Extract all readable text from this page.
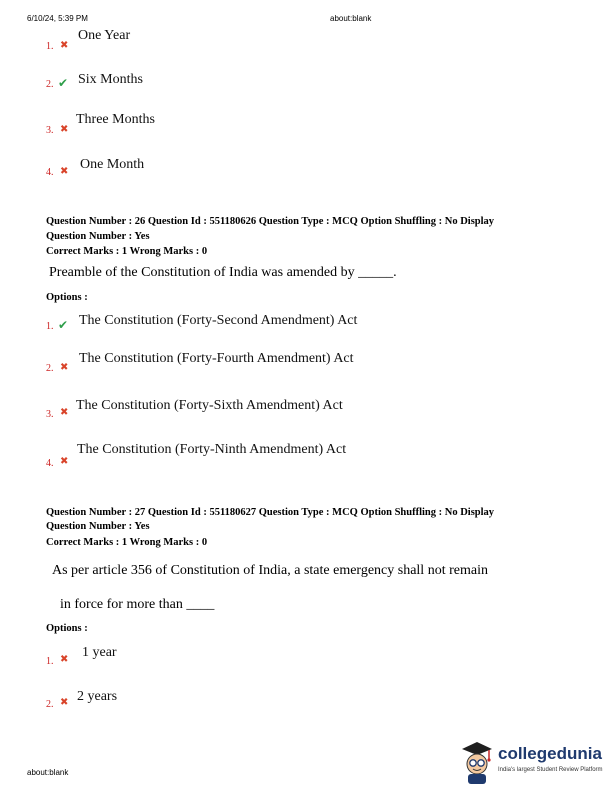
6/10/24, 5:39 PM	about:blank
1. ✖
One Year
2. ✔ Six Months
3. ✖
Three Months
4. ✖ One Month
Question Number : 26 Question Id : 551180626 Question Type : MCQ Option Shuffling : No Display
Question Number : Yes
Correct Marks : 1 Wrong Marks : 0
Preamble of the Constitution of India was amended by _____.
Options :
1. ✔ The Constitution (Forty-Second Amendment) Act
2. ✖
The Constitution (Forty-Fourth Amendment) Act
3. ✖ The Constitution (Forty-Sixth Amendment) Act
4. ✖
The Constitution (Forty-Ninth Amendment) Act
Question Number : 27 Question Id : 551180627 Question Type : MCQ Option Shuffling : No Display
Question Number : Yes
Correct Marks : 1 Wrong Marks : 0
As per article 356 of Constitution of India, a state emergency shall not remain
in force for more than ____
Options :
1. ✖ 1 year
2. ✖ 2 years
about:blank
collegedunia
India's largest Student Review Platform
